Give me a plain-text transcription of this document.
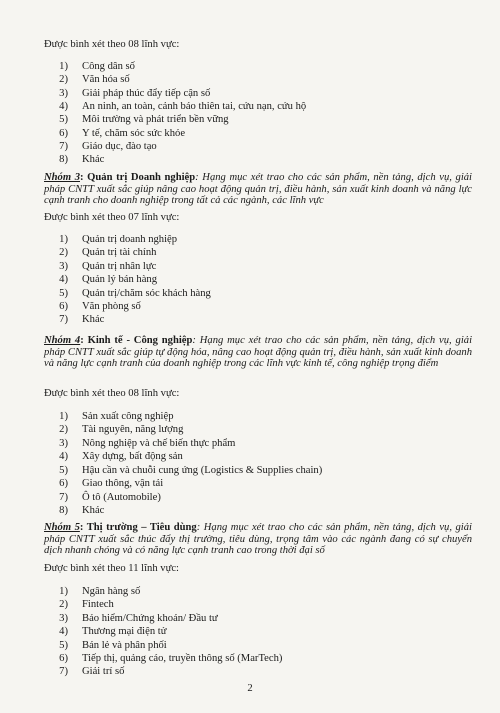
Được bình xét theo 08 lĩnh vực:
1) Công dân số
2) Văn hóa số
3) Giải pháp thúc đẩy tiếp cận số
4) An ninh, an toàn, cảnh báo thiên tai, cứu nạn, cứu hộ
5) Môi trường và phát triển bền vững
6) Y tế, chăm sóc sức khỏe
7) Giáo dục, đào tạo
8) Khác
Nhóm 3: Quản trị Doanh nghiệp: Hạng mục xét trao cho các sản phẩm, nền tảng, dịch vụ, giải pháp CNTT xuất sắc giúp nâng cao hoạt động quản trị, điều hành, sản xuất kinh doanh và năng lực cạnh tranh cho doanh nghiệp trong tất cả các ngành, các lĩnh vực
Được bình xét theo 07 lĩnh vực:
1) Quản trị doanh nghiệp
2) Quản trị tài chính
3) Quản trị nhân lực
4) Quản lý bán hàng
5) Quản trị/chăm sóc khách hàng
6) Văn phòng số
7) Khác
Nhóm 4: Kinh tế - Công nghiệp: Hạng mục xét trao cho các sản phẩm, nền tảng, dịch vụ, giải pháp CNTT xuất sắc giúp tự động hóa, nâng cao hoạt động quản trị, điều hành, sản xuất kinh doanh và năng lực cạnh tranh của doanh nghiệp trong các lĩnh vực kinh tế, công nghiệp trọng điểm
Được bình xét theo 08 lĩnh vực:
1) Sản xuất công nghiệp
2) Tài nguyên, năng lượng
3) Nông nghiệp và chế biến thực phẩm
4) Xây dựng, bất động sản
5) Hậu cần và chuỗi cung ứng (Logistics & Supplies chain)
6) Giao thông, vận tải
7) Ô tô (Automobile)
8) Khác
Nhóm 5: Thị trường – Tiêu dùng: Hạng mục xét trao cho các sản phẩm, nền tảng, dịch vụ, giải pháp CNTT xuất sắc thúc đẩy thị trường, tiêu dùng, trọng tâm vào các ngành đang có sự chuyển dịch nhanh chóng và có năng lực cạnh tranh cao trong thời đại số
Được bình xét theo 11 lĩnh vực:
1) Ngân hàng số
2) Fintech
3) Bảo hiểm/Chứng khoán/ Đầu tư
4) Thương mại điện tử
5) Bán lẻ và phân phối
6) Tiếp thị, quảng cáo, truyền thông số (MarTech)
7) Giải trí số
2
